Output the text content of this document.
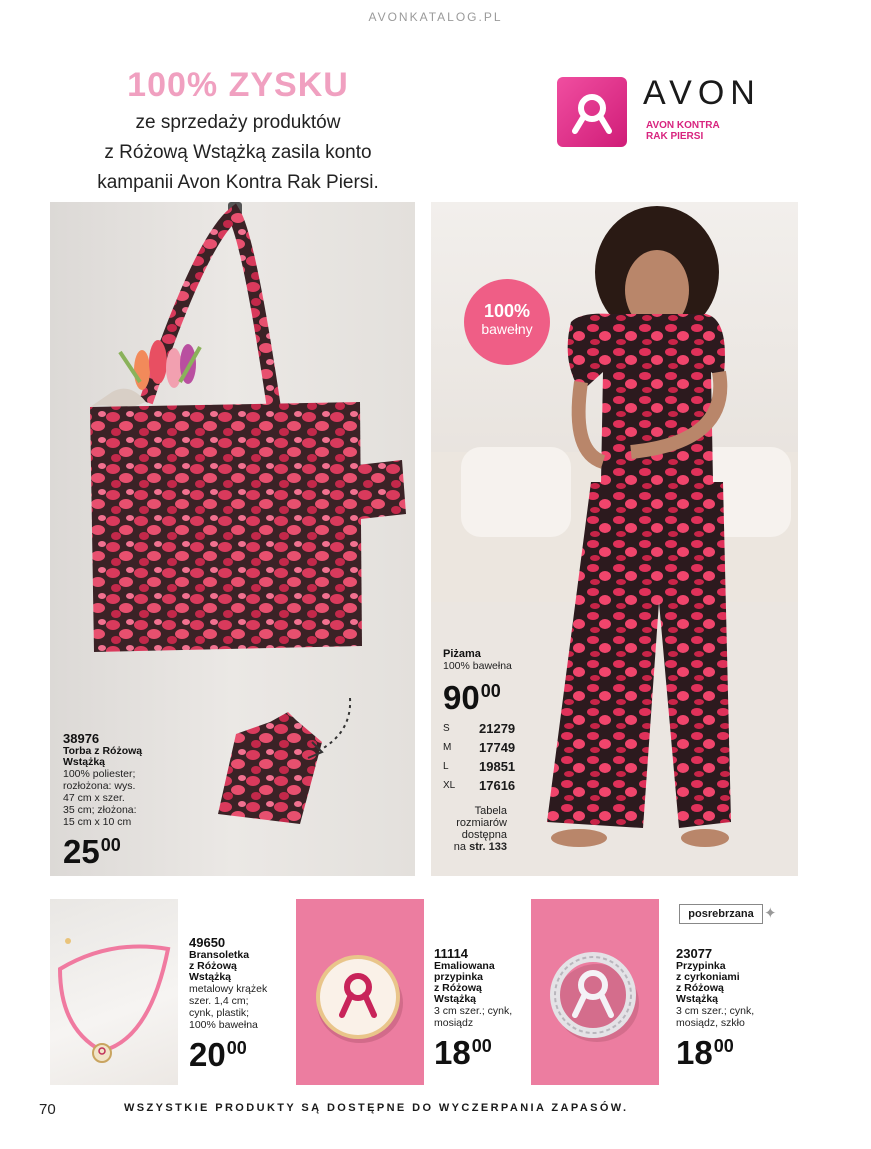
AVONKATALOG.PL
100% ZYSKU
ze sprzedaży produktów
z Różową Wstążką zasila konto
kampanii Avon Kontra Rak Piersi.
AVON
AVON KONTRA
RAK PIERSI
38976
Torba z Różową
Wstążką
100% poliester;
rozłożona: wys.
47 cm x szer.
35 cm; złożona:
15 cm x 10 cm
$25^{00}$
100%
bawełny
Piżama
100% bawełna
$90^{00}$
S	21279
M	17749
L	19851
XL	17616
Tabela
rozmiarów
dostępna
na str. 133
49650
Bransoletka
z Różową
Wstążką
metalowy krążek
szer. 1,4 cm;
cynk, plastik;
100% bawełna
$20^{00}$
11114
Emaliowana
przypinka
z Różową
Wstążką
3 cm szer.; cynk,
mosiądz
$18^{00}$
posrebrzana ✦
23077
Przypinka
z cyrkoniami
z Różową
Wstążką
3 cm szer.; cynk,
mosiądz, szkło
$18^{00}$
70	WSZYSTKIE PRODUKTY SĄ DOSTĘPNE DO WYCZERPANIA ZAPASÓW.
